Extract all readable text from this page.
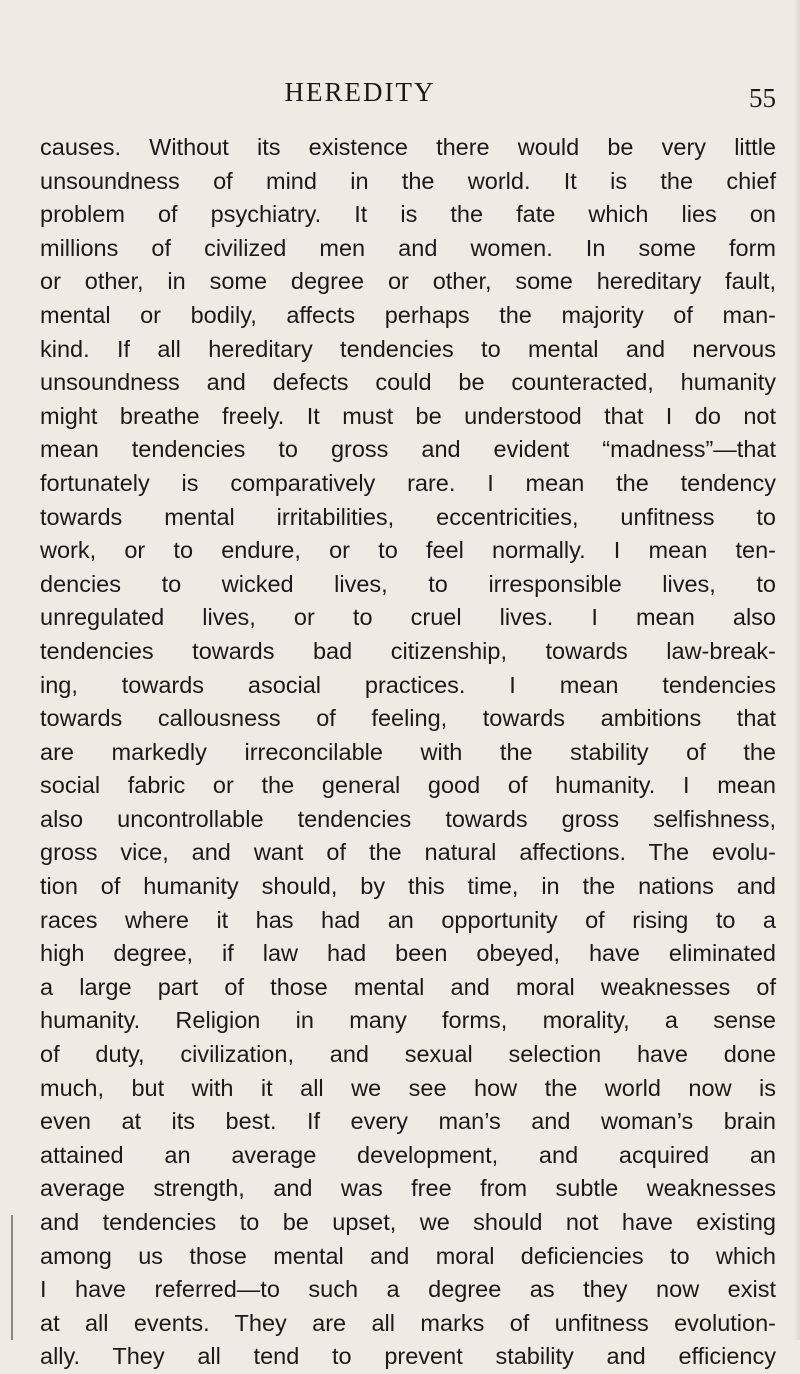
HEREDITY	55
causes. Without its existence there would be very little
unsoundness of mind in the world. It is the chief
problem of psychiatry. It is the fate which lies on
millions of civilized men and women. In some form
or other, in some degree or other, some hereditary fault,
mental or bodily, affects perhaps the majority of man-
kind. If all hereditary tendencies to mental and nervous
unsoundness and defects could be counteracted, humanity
might breathe freely. It must be understood that I do not
mean tendencies to gross and evident “madness”—that
fortunately is comparatively rare. I mean the tendency
towards mental irritabilities, eccentricities, unfitness to
work, or to endure, or to feel normally. I mean ten-
dencies to wicked lives, to irresponsible lives, to
unregulated lives, or to cruel lives. I mean also
tendencies towards bad citizenship, towards law-break-
ing, towards asocial practices. I mean tendencies
towards callousness of feeling, towards ambitions that
are markedly irreconcilable with the stability of the
social fabric or the general good of humanity. I mean
also uncontrollable tendencies towards gross selfishness,
gross vice, and want of the natural affections. The evolu-
tion of humanity should, by this time, in the nations and
races where it has had an opportunity of rising to a
high degree, if law had been obeyed, have eliminated
a large part of those mental and moral weaknesses of
humanity. Religion in many forms, morality, a sense
of duty, civilization, and sexual selection have done
much, but with it all we see how the world now is
even at its best. If every man’s and woman’s brain
attained an average development, and acquired an
average strength, and was free from subtle weaknesses
and tendencies to be upset, we should not have existing
among us those mental and moral deficiencies to which
I have referred—to such a degree as they now exist
at all events. They are all marks of unfitness evolution-
ally. They all tend to prevent stability and efficiency
